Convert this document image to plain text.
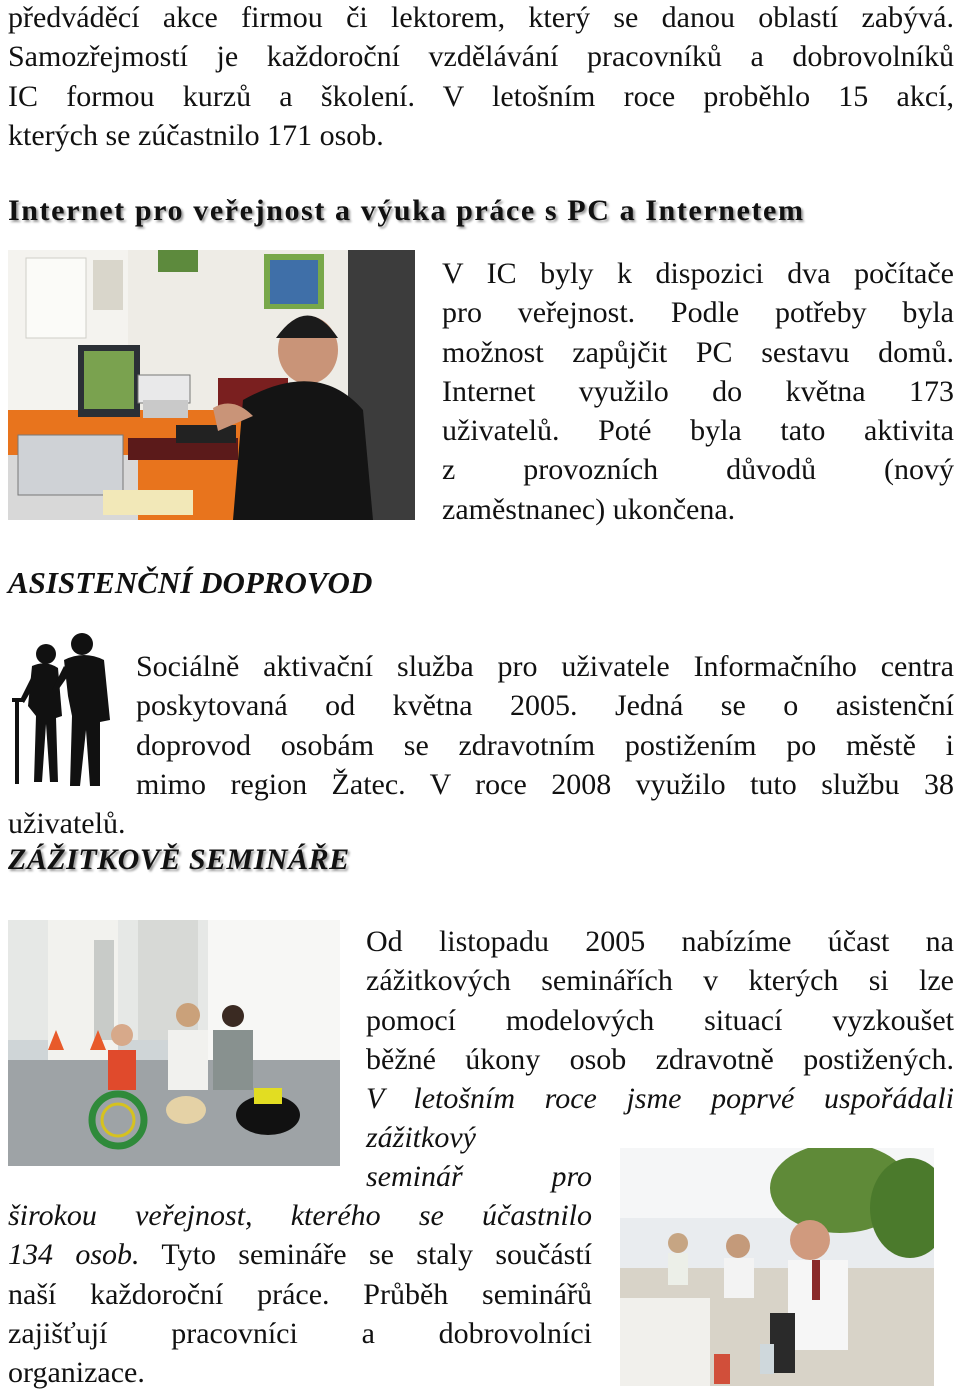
předváděcí akce firmou či lektorem, který se danou oblastí zabývá.
Samozřejmostí je každoroční vzdělávání pracovníků a dobrovolníků
IC formou kurzů a školení. V letošním roce proběhlo 15 akcí,
kterých se zúčastnilo 171 osob.
Internet pro veřejnost a výuka práce s PC a Internetem
V IC byly k dispozici dva počítače
pro veřejnost. Podle potřeby byla
možnost zapůjčit PC sestavu domů.
Internet využilo do května 173
uživatelů. Poté byla tato aktivita
z provozních důvodů (nový
zaměstnanec) ukončena.
ASISTENČNÍ DOPROVOD
Sociálně aktivační služba pro uživatele Informačního centra
poskytovaná od května 2005. Jedná se o asistenční
doprovod osobám se zdravotním postižením po městě i
mimo region Žatec. V roce 2008 využilo tuto službu 38
uživatelů.
ZÁŽITKOVĚ SEMINÁŘE
Od listopadu 2005 nabízíme účast na
zážitkových seminářích v kterých si lze
pomocí modelových situací vyzkoušet
běžné úkony osob zdravotně postižených.
V letošním roce jsme poprvé uspořádali
zážitkový
seminář	pro
širokou veřejnost, kterého se účastnilo
134 osob. Tyto semináře se staly součástí
naší každoroční práce. Průběh seminářů
zajišťují pracovníci a dobrovolníci
organizace.
